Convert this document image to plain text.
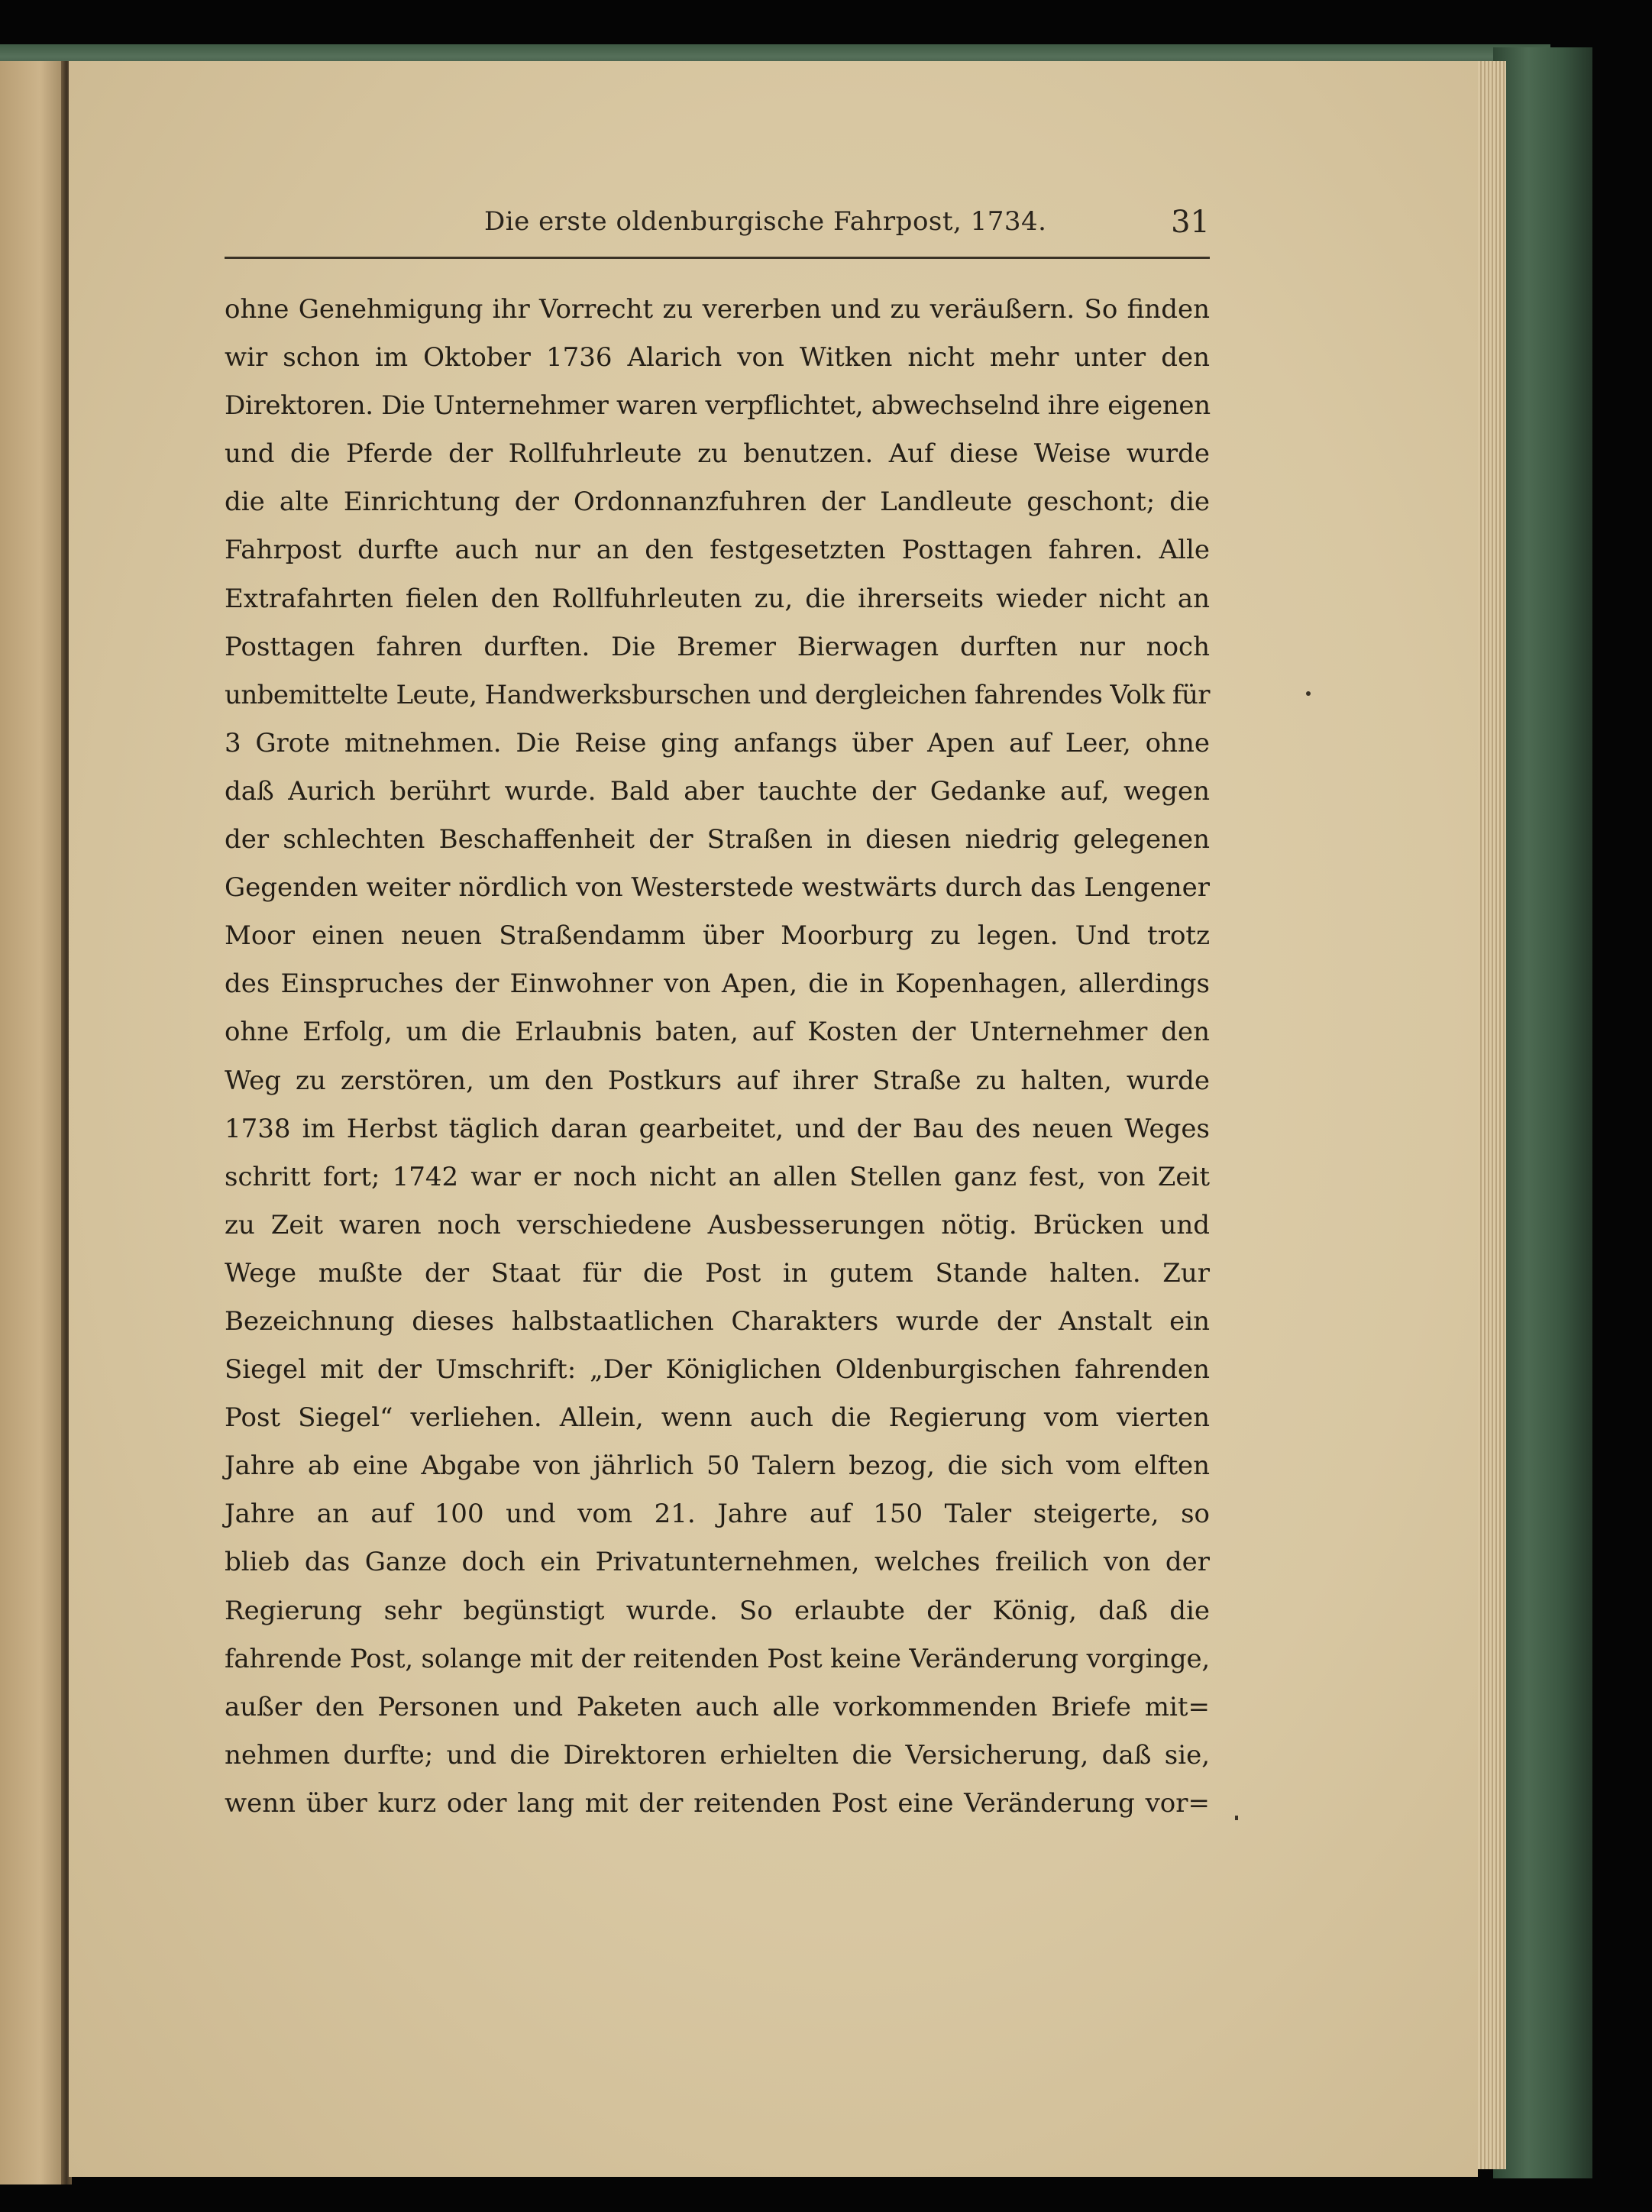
Die erste oldenburgische Fahrpost, 1734.	31
ohne Genehmigung ihr Vorrecht zu vererben und zu veräußern. So finden
wir schon im Oktober 1736 Alarich von Witken nicht mehr unter den
Direktoren. Die Unternehmer waren verpflichtet, abwechselnd ihre eigenen
und die Pferde der Rollfuhrleute zu benutzen. Auf diese Weise wurde
die alte Einrichtung der Ordonnanzfuhren der Landleute geschont; die
Fahrpost durfte auch nur an den festgesetzten Posttagen fahren. Alle
Extrafahrten fielen den Rollfuhrleuten zu, die ihrerseits wieder nicht an
Posttagen fahren durften. Die Bremer Bierwagen durften nur noch
unbemittelte Leute, Handwerksburschen und dergleichen fahrendes Volk für
3 Grote mitnehmen. Die Reise ging anfangs über Apen auf Leer, ohne
daß Aurich berührt wurde. Bald aber tauchte der Gedanke auf, wegen
der schlechten Beschaffenheit der Straßen in diesen niedrig gelegenen
Gegenden weiter nördlich von Westerstede westwärts durch das Lengener
Moor einen neuen Straßendamm über Moorburg zu legen. Und trotz
des Einspruches der Einwohner von Apen, die in Kopenhagen, allerdings
ohne Erfolg, um die Erlaubnis baten, auf Kosten der Unternehmer den
Weg zu zerstören, um den Postkurs auf ihrer Straße zu halten, wurde
1738 im Herbst täglich daran gearbeitet, und der Bau des neuen Weges
schritt fort; 1742 war er noch nicht an allen Stellen ganz fest, von Zeit
zu Zeit waren noch verschiedene Ausbesserungen nötig. Brücken und
Wege mußte der Staat für die Post in gutem Stande halten. Zur
Bezeichnung dieses halbstaatlichen Charakters wurde der Anstalt ein
Siegel mit der Umschrift: „Der Königlichen Oldenburgischen fahrenden
Post Siegel“ verliehen. Allein, wenn auch die Regierung vom vierten
Jahre ab eine Abgabe von jährlich 50 Talern bezog, die sich vom elften
Jahre an auf 100 und vom 21. Jahre auf 150 Taler steigerte, so
blieb das Ganze doch ein Privatunternehmen, welches freilich von der
Regierung sehr begünstigt wurde. So erlaubte der König, daß die
fahrende Post, solange mit der reitenden Post keine Veränderung vorginge,
außer den Personen und Paketen auch alle vorkommenden Briefe mit=
nehmen durfte; und die Direktoren erhielten die Versicherung, daß sie,
wenn über kurz oder lang mit der reitenden Post eine Veränderung vor=
